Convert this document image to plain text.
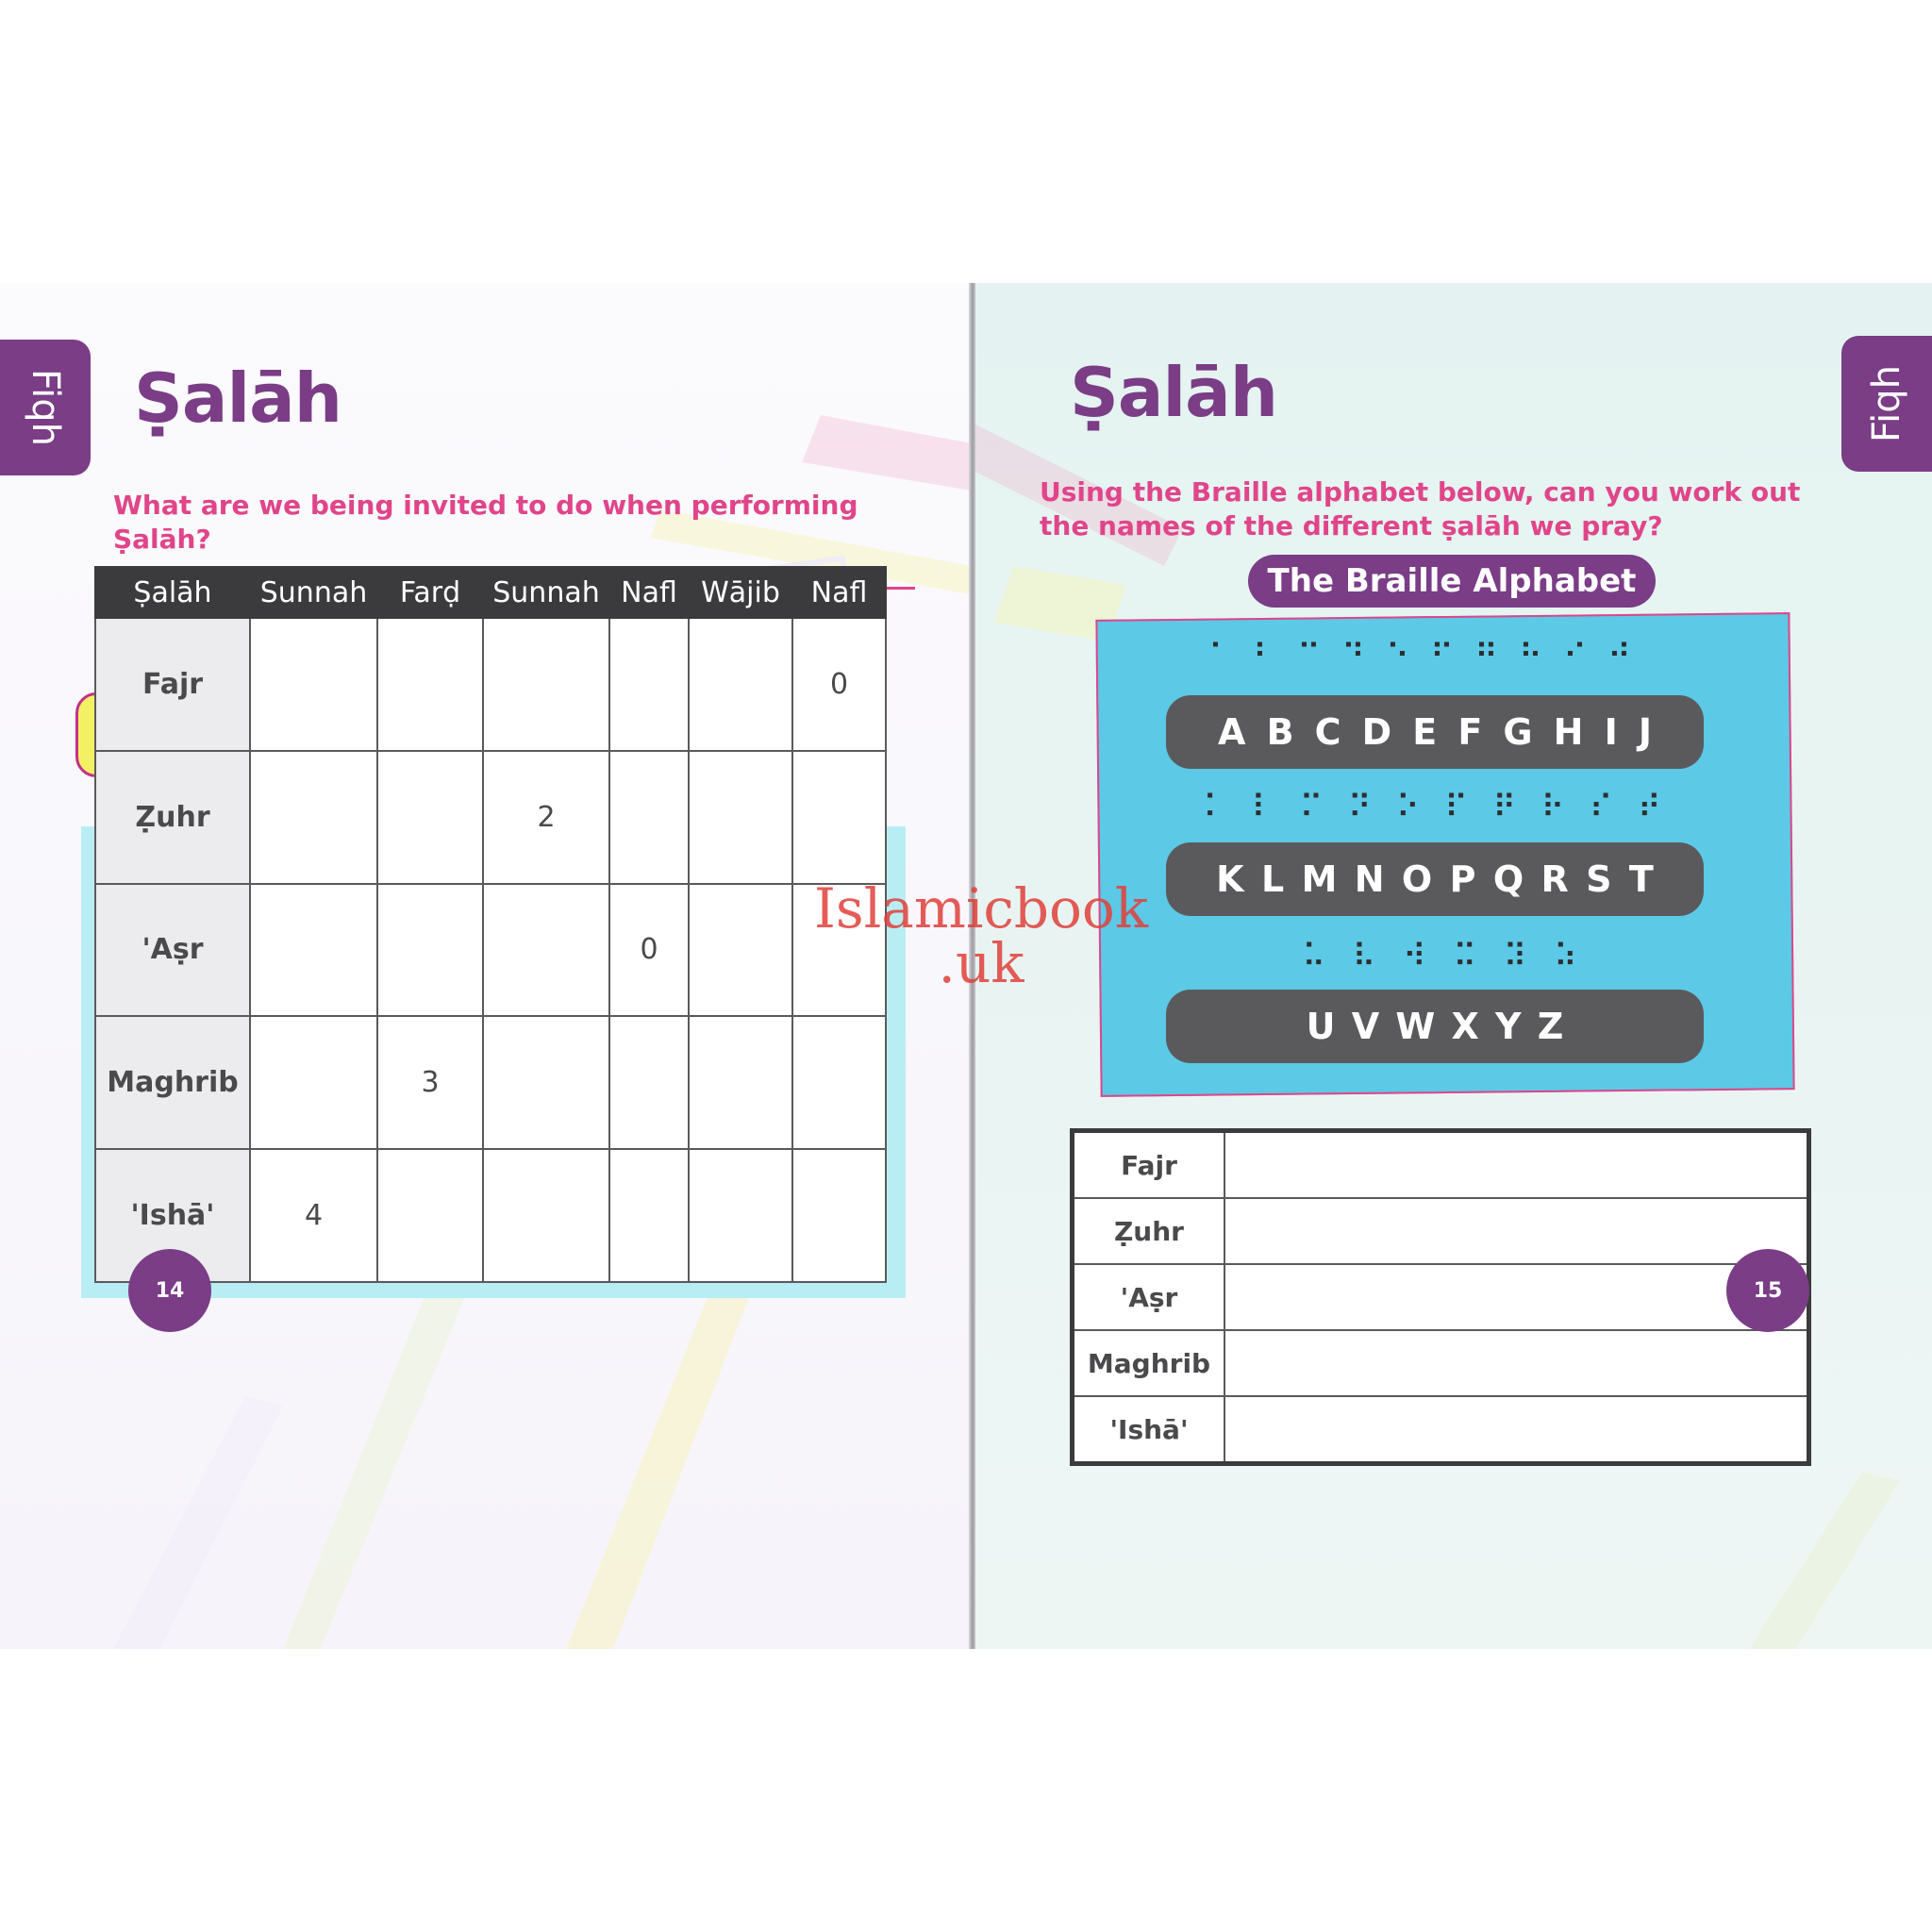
Fiqh Ṣalāh
What are we being invited to do when performing Ṣalāh?
Ṣalāh	Sunnah	Farḍ	Sunnah	Nafl	Wājib	Nafl
Fajr						0
Ẓuhr			2			
'Aṣr				0		
Maghrib		3				
'Ishā'	4					
14
Fiqh
Ṣalāh
Using the Braille alphabet below, can you work out
the names of the different ṣalāh we pray?
The Braille Alphabet
⠁ ⠃ ⠉ ⠙ ⠑ ⠋ ⠛ ⠓ ⠊ ⠚
A B C D E F G H I J
⠅ ⠇ ⠍ ⠝ ⠕ ⠏ ⠟ ⠗ ⠎ ⠞
K L M N O P Q R S T
⠥ ⠧ ⠺ ⠭ ⠽ ⠵
U V W X Y Z
Fajr	
Ẓuhr	
'Aṣr	
Maghrib	
'Ishā'	
15
Islamicbook
.uk
